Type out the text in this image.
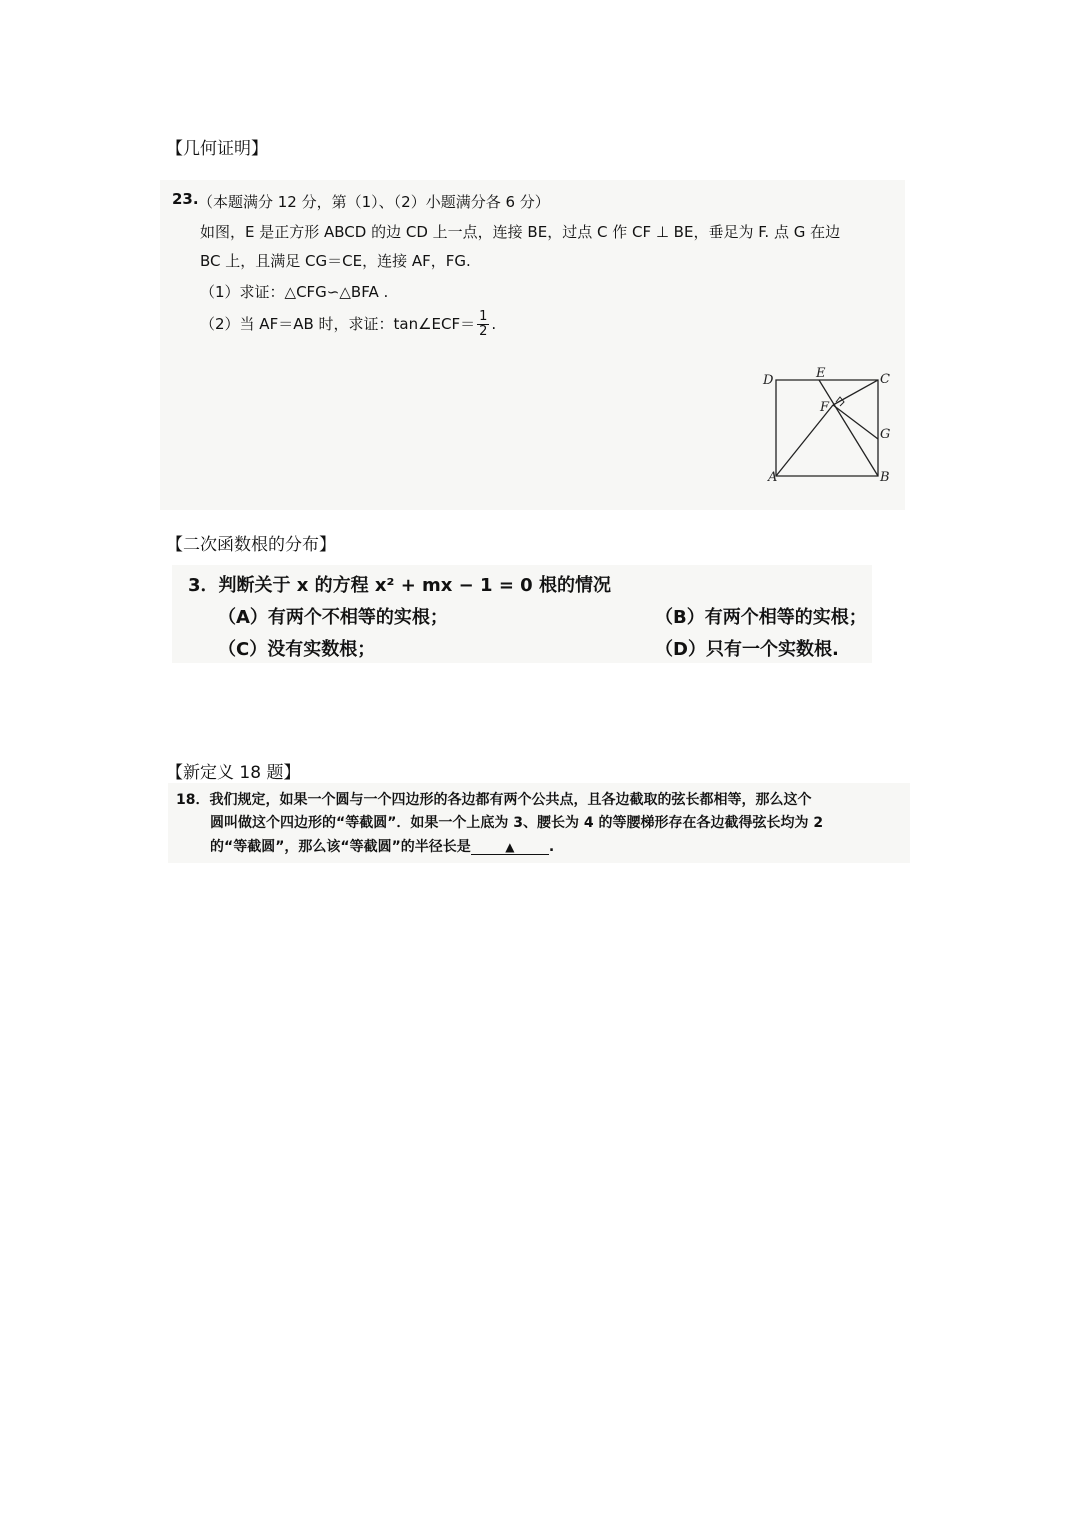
【几何证明】
23. （本题满分 12 分，第（1）、（2）小题满分各 6 分）
如图，E 是正方形 ABCD 的边 CD 上一点，连接 BE，过点 C 作 CF ⊥ BE，垂足为 F. 点 G 在边
BC 上，且满足 CG＝CE，连接 AF，FG.
（1）求证：△CFG∽△BFA .
（2）当 AF＝AB 时，求证：tan∠ECF＝ $\frac{1}{2}$ .
D	E	C
F
G
A	B
【二次函数根的分布】
3．判断关于 x 的方程 x² + mx − 1 = 0 根的情况
（A）有两个不相等的实根；	（B）有两个相等的实根；
（C）没有实数根；	（D）只有一个实数根.
【新定义 18 题】
18．我们规定，如果一个圆与一个四边形的各边都有两个公共点，且各边截取的弦长都相等，那么这个
圆叫做这个四边形的“等截圆”．如果一个上底为 3、腰长为 4 的等腰梯形存在各边截得弦长均为 2
的“等截圆”，那么该“等截圆”的半径长是	▲ .
